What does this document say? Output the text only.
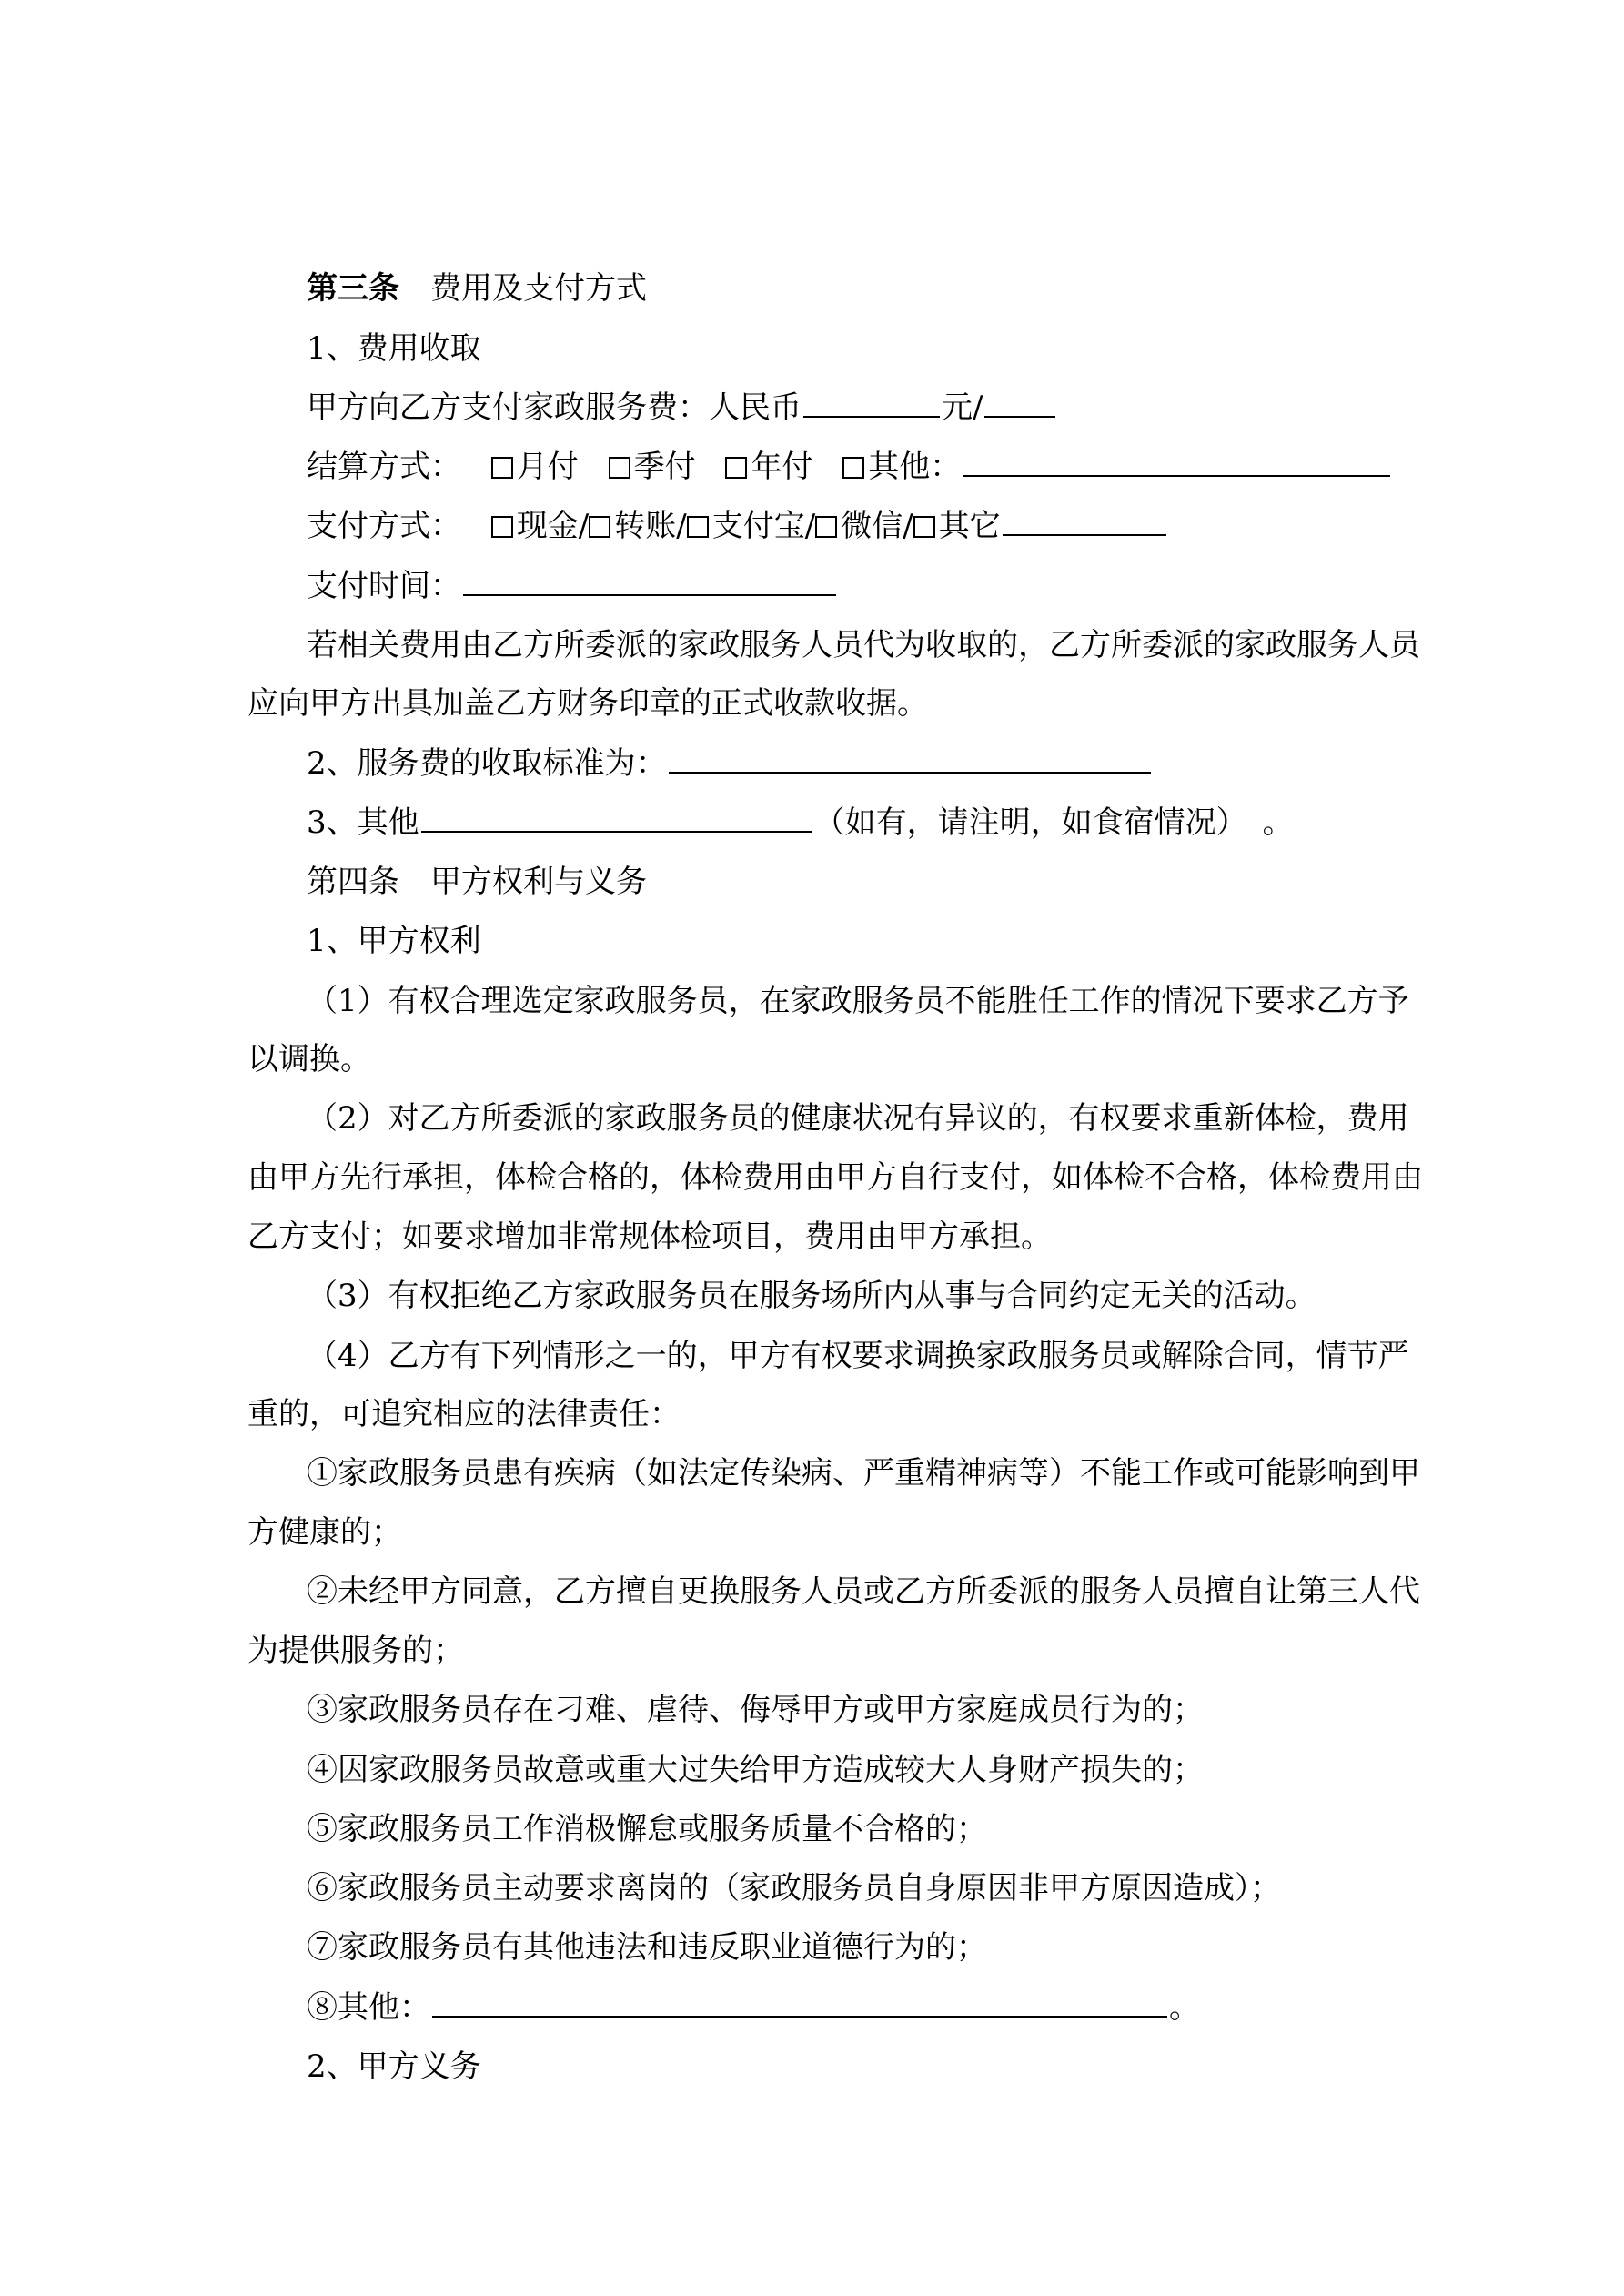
第三条 费用及支付方式
1、费用收取
甲方向乙方支付家政服务费：人民币	元/
结算方式： 月付 季付 年付 其他：
支付方式： 现金/ 转账/ 支付宝/ 微信/ 其它
支付时间：
若相关费用由乙方所委派的家政服务人员代为收取的，乙方所委派的家政服务人员
应向甲方出具加盖乙方财务印章的正式收款收据。
2、服务费的收取标准为：
3、其他	（如有，请注明，如食宿情况）　。
第四条　甲方权利与义务
1、甲方权利
（1）有权合理选定家政服务员，在家政服务员不能胜任工作的情况下要求乙方予
以调换。
（2）对乙方所委派的家政服务员的健康状况有异议的，有权要求重新体检，费用
由甲方先行承担，体检合格的，体检费用由甲方自行支付，如体检不合格，体检费用由
乙方支付；如要求增加非常规体检项目，费用由甲方承担。
（3）有权拒绝乙方家政服务员在服务场所内从事与合同约定无关的活动。
（4）乙方有下列情形之一的，甲方有权要求调换家政服务员或解除合同，情节严
重的，可追究相应的法律责任：
①家政服务员患有疾病（如法定传染病、严重精神病等）不能工作或可能影响到甲
方健康的；
②未经甲方同意，乙方擅自更换服务人员或乙方所委派的服务人员擅自让第三人代
为提供服务的；
③家政服务员存在刁难、虐待、侮辱甲方或甲方家庭成员行为的；
④因家政服务员故意或重大过失给甲方造成较大人身财产损失的；
⑤家政服务员工作消极懈怠或服务质量不合格的；
⑥家政服务员主动要求离岗的（家政服务员自身原因非甲方原因造成）；
⑦家政服务员有其他违法和违反职业道德行为的；
⑧其他：	。
2、甲方义务
